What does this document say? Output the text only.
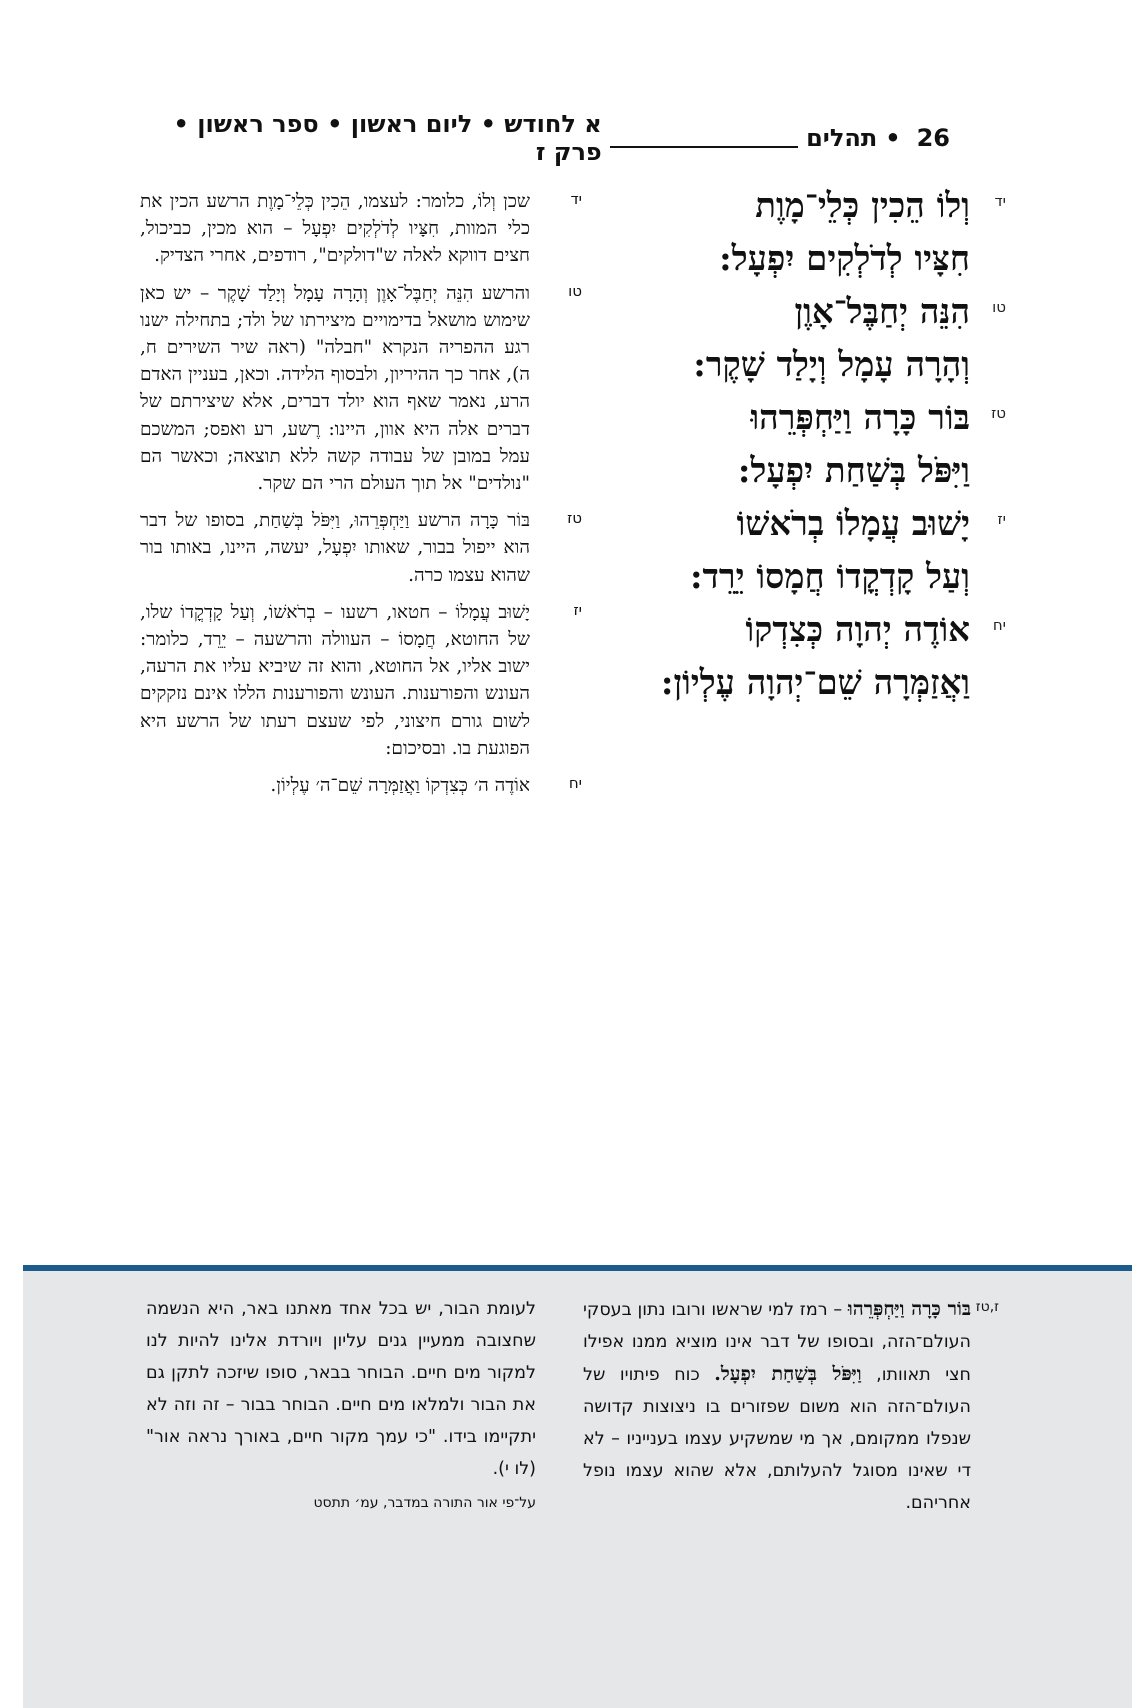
26
•
תהלים
א לחודש • ליום ראשון • ספר ראשון • פרק ז
יד
וְלוֹ הֵכִין כְּלֵי־מָוֶת
חִצָּיו לְדֹלְקִים יִפְעָל:
טו
הִנֵּה יְחַבֶּל־אָוֶן
וְהָרָה עָמָל וְיָלַד שָׁקֶר:
טז
בּוֹר כָּרָה וַיַּחְפְּרֵהוּ
וַיִּפֹּל בְּשַׁחַת יִפְעָל:
יז
יָשׁוּב עֲמָלוֹ בְרֹאשׁוֹ
וְעַל קָדְקֳדוֹ חֲמָסוֹ יֵרֵד:
יח
אוֹדֶה יְהוָה כְּצִדְקוֹ
וַאֲזַמְּרָה שֵׁם־יְהוָה עֶלְיוֹן:
יד

שכן וְלוֹ, כלומר: לעצמו, הֵכִין כְּלֵי־מָוֶת הרשע הכין את כלי המוות, חִצָּיו לְדֹלְקִים יִפְעָל – הוא מכין, כביכול, חצים דווקא לאלה ש"דולקים", רודפים, אחרי הצדיק.

טו

והרשע הִנֵּה יְחַבֶּל־אָוֶן וְהָרָה עָמָל וְיָלַד שָׁקֶר – יש כאן שימוש מושאל בדימויים מיצירתו של ולד; בתחילה ישנו רגע ההפריה הנקרא "חבלה" (ראה שיר השירים ח, ה), אחר כך ההיריון, ולבסוף הלידה. וכאן, בעניין האדם הרע, נאמר שאף הוא יולד דברים, אלא שיצירתם של דברים אלה היא אוון, היינו: רֶשע, רע ואפס; המשכם עמל במובן של עבודה קשה ללא תוצאה; וכאשר הם "נולדים" אל תוך העולם הרי הם שקר.

טז

בּוֹר כָּרָה הרשע וַיַּחְפְּרֵהוּ, וַיִּפֹּל בְּשַׁחַת, בסופו של דבר הוא ייפול בבור, שאותו יִפְעָל, יעשה, היינו, באותו בור שהוא עצמו כרה.

יז

יָשׁוּב עֲמָלוֹ – חטאו, רשעו – בְרֹאשׁוֹ, וְעַל קָדְקֳדוֹ שלו, של החוטא, חֲמָסוֹ – העוולה והרשעה – יֵרֵד, כלומר: ישוב אליו, אל החוטא, והוא זה שיביא עליו את הרעה, העונש והפורענות. העונש והפורענות הללו אינם נזקקים לשום גורם חיצוני, לפי שעצם רעתו של הרשע היא הפוגעת בו. ובסיכום:

יח

אוֹדֶה ה׳ כְּצִדְקוֹ וַאֲזַמְּרָה שֵׁם־ה׳ עֶלְיוֹן.

ז,טז

בּוֹר כָּרָה וַיַּחְפְּרֵהוּ – רמז למי שראשו ורובו נתון בעסקי העולם־הזה, ובסופו של דבר אינו מוציא ממנו אפילו חצי תאוותו, וַיִּפֹּל בְּשַׁחַת יִפְעָל. כוח פיתויו של העולם־הזה הוא משום שפזורים בו ניצוצות קדושה שנפלו ממקומם, אך מי שמשקיע עצמו בענייניו – לא די שאינו מסוגל להעלותם, אלא שהוא עצמו נופל אחריהם.

לעומת הבור, יש בכל אחד מאתנו באר, היא הנשמה שחצובה ממעיין גנים עליון ויורדת אלינו להיות לנו למקור מים חיים. הבוחר בבאר, סופו שיזכה לתקן גם את הבור ולמלאו מים חיים. הבוחר בבור – זה וזה לא יתקיימו בידו. "כי עמך מקור חיים, באורך נראה אור" (לו י).

על־פי אור התורה במדבר, עמ׳ תתסט
